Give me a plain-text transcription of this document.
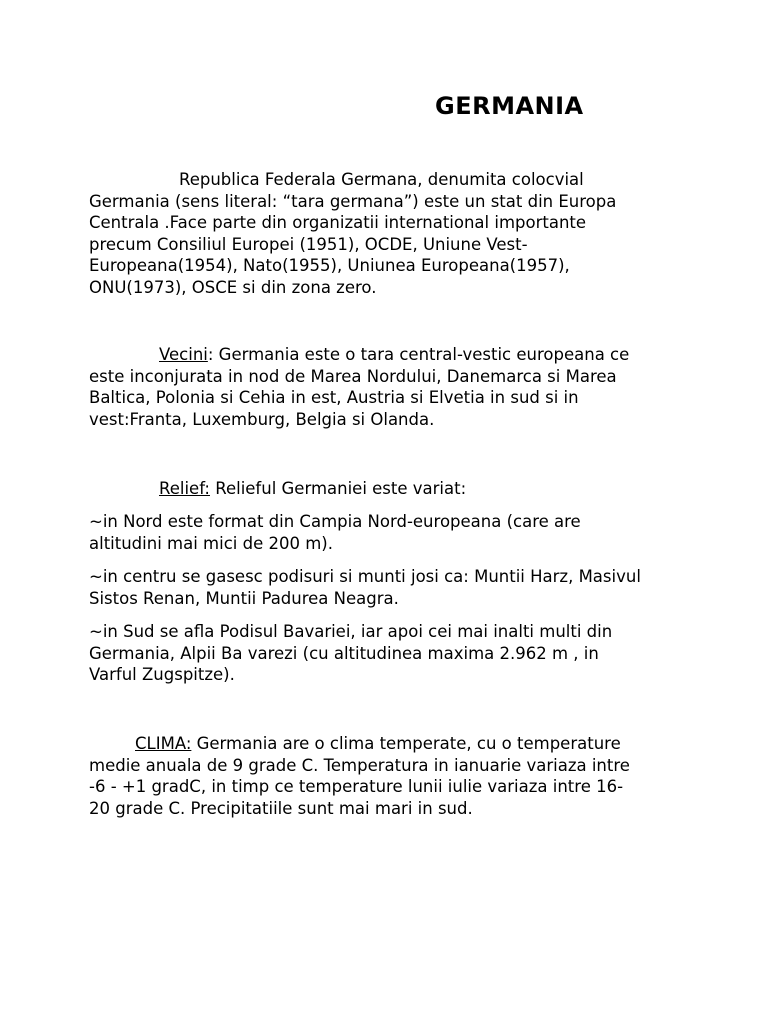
GERMANIA

Republica Federala Germana, denumita colocvial
Germania (sens literal: “tara germana”) este un stat din Europa
Centrala .Face parte din organizatii international importante
precum Consiliul Europei (1951), OCDE, Uniune Vest-
Europeana(1954), Nato(1955), Uniunea Europeana(1957),
ONU(1973), OSCE si din zona zero.

Vecini: Germania este o tara central-vestic europeana ce
este inconjurata in nod de Marea Nordului, Danemarca si Marea
Baltica, Polonia si Cehia in est, Austria si Elvetia in sud si in
vest:Franta, Luxemburg, Belgia si Olanda.

Relief: Relieful Germaniei este variat:

~in Nord este format din Campia Nord-europeana (care are
altitudini mai mici de 200 m).

~in centru se gasesc podisuri si munti josi ca: Muntii Harz, Masivul
Sistos Renan, Muntii Padurea Neagra.

~in Sud se afla Podisul Bavariei, iar apoi cei mai inalti multi din
Germania, Alpii Ba varezi (cu altitudinea maxima 2.962 m , in
Varful Zugspitze).

CLIMA: Germania are o clima temperate, cu o temperature
medie anuala de 9 grade C. Temperatura in ianuarie variaza intre
-6 - +1 gradC, in timp ce temperature lunii iulie variaza intre 16-
20 grade C. Precipitatiile sunt mai mari in sud.
